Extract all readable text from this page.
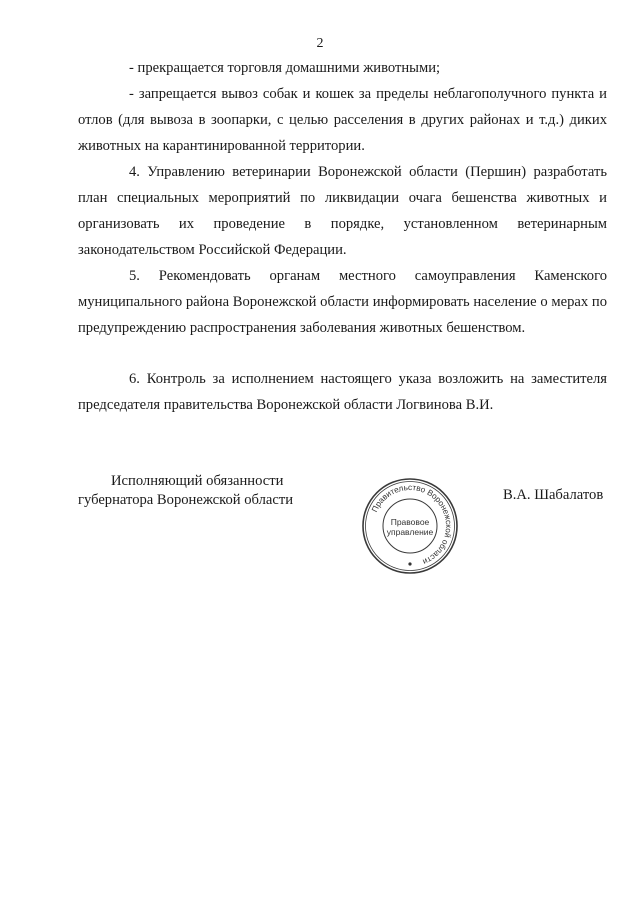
2

- прекращается торговля домашними животными;

- запрещается вывоз собак и кошек за пределы неблагополучного пункта и отлов (для вывоза в зоопарки, с целью расселения в других районах и т.д.) диких животных на карантинированной территории.

4. Управлению ветеринарии Воронежской области (Першин) разработать план специальных мероприятий по ликвидации очага бешенства животных и организовать их проведение в порядке, установленном ветеринарным законодательством Российской Федерации.

5. Рекомендовать органам местного самоуправления Каменского муниципального района Воронежской области информировать население о мерах по предупреждению распространения заболевания животных бешенством.

6. Контроль за исполнением настоящего указа возложить на заместителя председателя правительства Воронежской области Логвинова В.И.

Исполняющий обязанности
губернатора Воронежской области
Правительство Воронежской области
Правовое
управление
В.А. Шабалатов
